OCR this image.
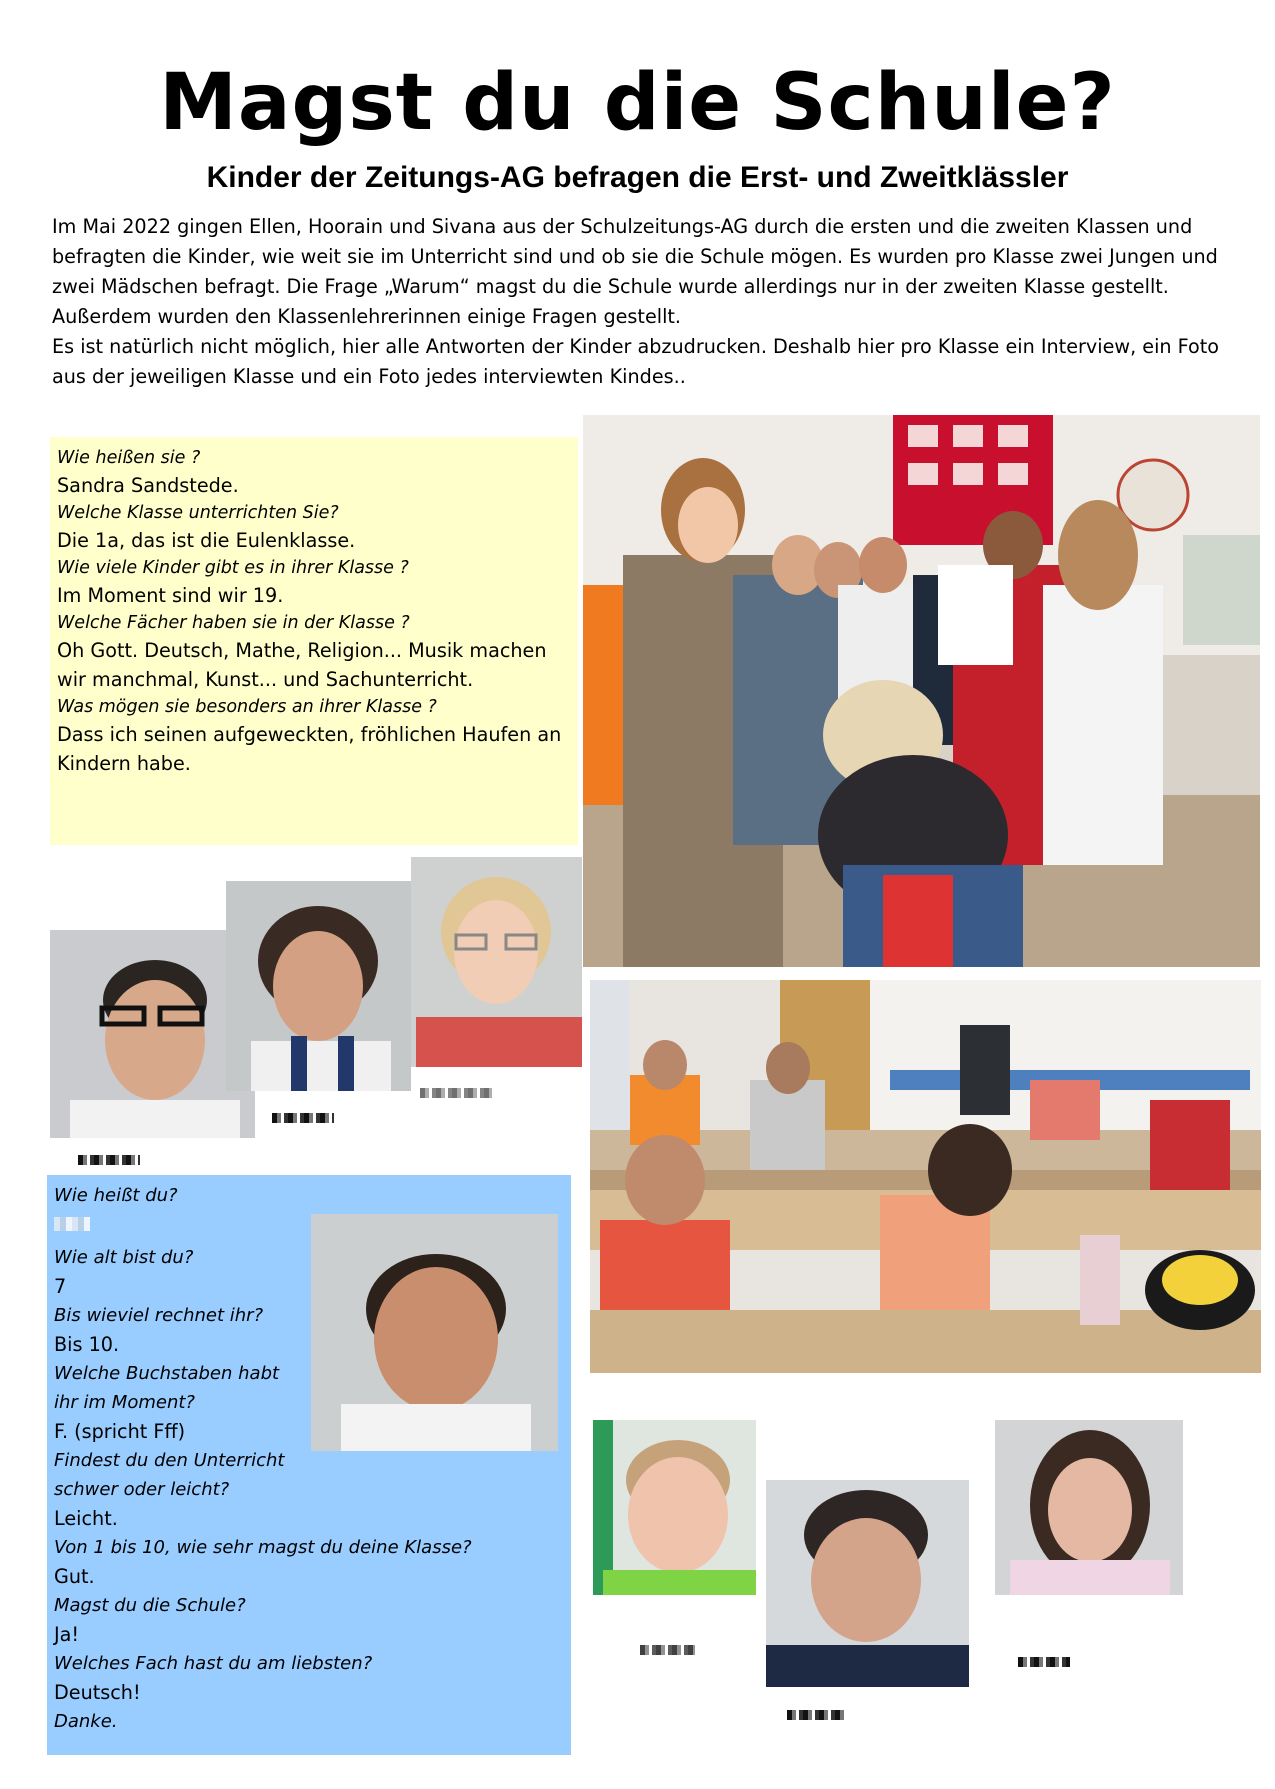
Magst du die Schule?
Kinder der Zeitungs-AG befragen die Erst- und Zweitklässler

Im Mai 2022 gingen Ellen, Hoorain und Sivana aus der Schulzeitungs-AG durch die ersten und die zweiten Klassen und befragten die Kinder, wie weit sie im Unterricht sind und ob sie die Schule mögen. Es wurden pro Klasse zwei Jungen und zwei Mädschen befragt. Die Frage „Warum“ magst du die Schule wurde allerdings nur in der zweiten Klasse gestellt. Außerdem wurden den Klassenlehrerinnen einige Fragen gestellt.

Es ist natürlich nicht möglich, hier alle Antworten der Kinder abzudrucken. Deshalb hier pro Klasse ein Interview, ein Foto aus der jeweiligen Klasse und ein Foto jedes interviewten Kindes..

Wie heißen sie ?
Sandra Sandstede.
Welche Klasse unterrichten Sie?
Die 1a, das ist die Eulenklasse.
Wie viele Kinder gibt es in ihrer Klasse ?
Im Moment sind wir 19.
Welche Fächer haben sie in der Klasse ?
Oh Gott. Deutsch, Mathe, Religion... Musik machen wir manchmal, Kunst... und Sachunterricht.
Was mögen sie besonders an ihrer Klasse ?
Dass ich seinen aufgeweckten, fröhlichen Haufen an Kindern habe.
Wie heißt du?
Wie alt bist du?
7
Bis wieviel rechnet ihr?
Bis 10.
Welche Buchstaben habt ihr im Moment?
F. (spricht Fff)
Findest du den Unterricht schwer oder leicht?
Leicht.
Von 1 bis 10, wie sehr magst du deine Klasse?
Gut.
Magst du die Schule?
Ja!
Welches Fach hast du am liebsten?
Deutsch!
Danke.
